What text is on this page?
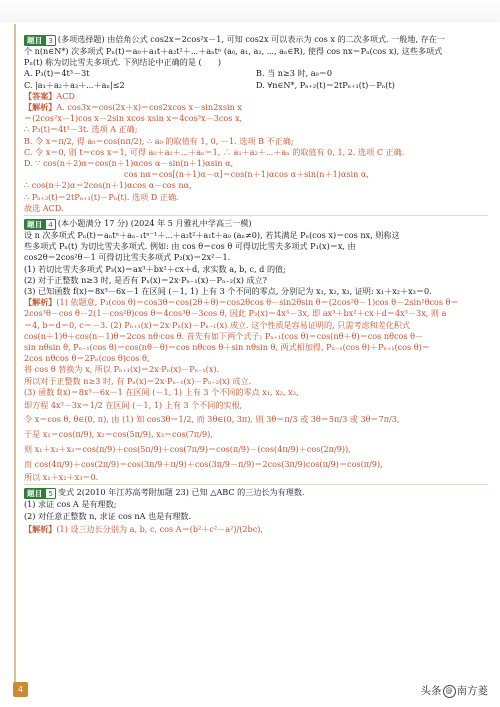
题目 3 (多项选择题) 由倍角公式 cos2x＝2cos²x－1, 可知 cos2x 可以表示为 cos x 的二次多项式. 一般地, 存在一
个 n(n∈N*) 次多项式 Pₙ(t)＝a₀＋a₁t＋a₂t²＋⋯＋aₙtⁿ (a₀, a₁, a₂, ⋯, aₙ∈R), 使得 cos nx＝Pₙ(cos x), 这些多项式
Pₙ(t) 称为切比雪夫多项式. 下列结论中正确的是 (　　)
A. P₃(t)＝4t³－3t	B. 当 n≥3 时, a₀＝0
C. |a₁＋a₂＋a₃＋⋯＋aₙ|≤2	D. ∀n∈N*, Pₙ₊₂(t)＝2tPₙ₊₁(t)－Pₙ(t)
【答案】ACD
【解析】A. cos3x＝cos(2x＋x)＝cos2xcos x－sin2xsin x
＝(2cos²x－1)cos x－2sin xcos xsin x＝4cos³x－3cos x,
∴ P₃(t)＝4t³－3t. 选项 A 正确;
B. 令 x＝π/2, 得 a₀＝cos(nπ/2), ∴ a₀ 的取值有 1, 0, －1. 选项 B 不正确;
C. 令 x＝0, 则 t＝cos x＝1, 可得 a₀＋a₁＋⋯＋aₙ＝1, ∴ a₁＋a₂＋⋯＋aₙ 的取值有 0, 1, 2. 选项 C 正确.
D. ∵ cos(n＋2)α＝cos(n＋1)αcos α－sin(n＋1)αsin α,
cos nα＝cos[(n＋1)α－α]＝cos(n＋1)αcos α＋sin(n＋1)αsin α,
∴ cos(n＋2)α＝2cos(n＋1)αcos α－cos nα,
∴ Pₙ₊₂(t)＝2tPₙ₊₁(t)－Pₙ(t). 选项 D 正确.
故选 ACD.
题目 4 (本小题满分 17 分) (2024 年 5 月雅礼中学高三一模)
设 n 次多项式 Pₙ(t)＝aₙtⁿ＋aₙ₋₁tⁿ⁻¹＋⋯＋a₂t²＋a₁t＋a₀ (aₙ≠0), 若其满足 Pₙ(cos x)＝cos nx, 则称这
些多项式 Pₙ(t) 为切比雪夫多项式. 例如: 由 cos θ＝cos θ 可得切比雪夫多项式 P₁(x)＝x, 由
cos2θ＝2cos²θ－1 可得切比雪夫多项式 P₂(x)＝2x²－1.
(1) 若切比雪夫多项式 P₃(x)＝ax³＋bx²＋cx＋d, 求实数 a, b, c, d 的值;
(2) 对于正整数 n≥3 时, 是否有 Pₙ(x)＝2x·Pₙ₋₁(x)－Pₙ₋₂(x) 成立?
(3) 已知函数 f(x)＝8x³－6x－1 在区间 (－1, 1) 上有 3 个不同的零点, 分别记为 x₁, x₂, x₃, 证明: x₁＋x₂＋x₃＝0.
【解析】(1) 依题意, P₃(cos θ)＝cos3θ＝cos(2θ＋θ)＝cos2θcos θ－sin2θsin θ＝(2cos²θ－1)cos θ－2sin²θcos θ＝
2cos³θ－cos θ－2(1－cos²θ)cos θ＝4cos³θ－3cos θ, 因此 P₃(x)＝4x³－3x, 即 ax³＋bx²＋cx＋d＝4x³－3x, 则 a
＝4, b＝d＝0, c＝－3. (2) Pₙ₊₁(x)＝2x·Pₙ(x)－Pₙ₋₁(x) 成立. 这个性质是容易证明的, 只需考虑和差化积式
cos(n＋1)θ＋cos(n－1)θ＝2cos nθ·cos θ. 首先有如下两个式子: Pₙ₊₁(cos θ)＝cos(nθ＋θ)＝cos nθcos θ－
sin nθsin θ, Pₙ₋₁(cos θ)＝cos(nθ－θ)＝cos nθcos θ＋sin nθsin θ, 两式相加得, Pₙ₋₁(cos θ)＋Pₙ₊₁(cos θ)＝
2cos nθcos θ＝2Pₙ(cos θ)cos θ,
将 cos θ 替换为 x, 所以 Pₙ₊₁(x)＝2x·Pₙ(x)－Pₙ₋₁(x).
所以对于正整数 n≥3 时, 有 Pₙ(x)＝2x·Pₙ₋₁(x)－Pₙ₋₂(x) 成立.
(3) 函数 f(x)＝8x³－6x－1 在区间 (－1, 1) 上有 3 个不同的零点 x₁, x₂, x₃,
即方程 4x³－3x＝1/2 在区间 (－1, 1) 上有 3 个不同的实根,
令 x＝cos θ, θ∈(0, π), 由 (1) 知 cos3θ＝1/2, 而 3θ∈(0, 3π), 则 3θ＝π/3 或 3θ＝5π/3 或 3θ＝7π/3,
于是 x₁＝cos(π/9), x₂＝cos(5π/9), x₃＝cos(7π/9),
则 x₁＋x₂＋x₃＝cos(π/9)＋cos(5π/9)＋cos(7π/9)＝cos(π/9)－(cos(4π/9)＋cos(2π/9)),
而 cos(4π/9)＋cos(2π/9)＝cos(3π/9＋π/9)＋cos(3π/9－π/9)＝2cos(3π/9)cos(π/9)＝cos(π/9),
所以 x₁＋x₂＋x₃＝0.
题目 5 变式 2(2010 年江苏高考附加题 23) 已知 △ABC 的三边长为有理数.
(1) 求证 cos A 是有理数;
(2) 对任意正整数 n, 求证 cos nA 也是有理数.
【解析】(1) 设三边长分别为 a, b, c, cos A＝(b²＋c²－a²)/(2bc),
4	头条 @ 南方菱
